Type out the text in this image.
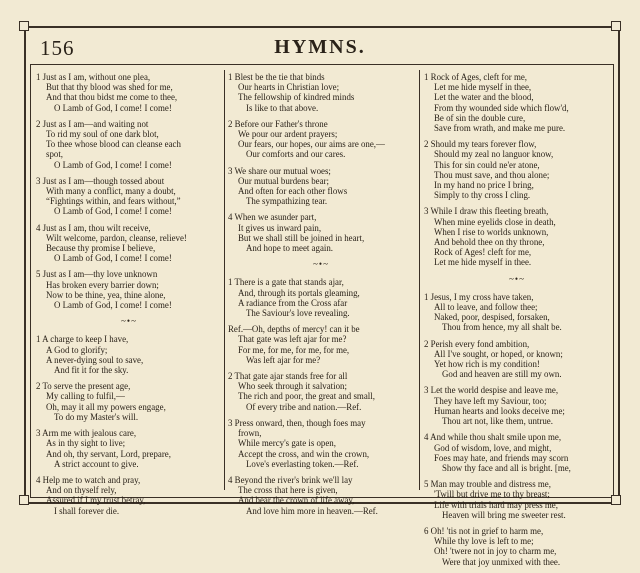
156	HYMNS.
1 Just as I am, without one plea,
But that thy blood was shed for me,
And that thou bidst me come to thee,
O Lamb of God, I come! I come!
2 Just as I am—and waiting not
To rid my soul of one dark blot,
To thee whose blood can cleanse each
spot,
O Lamb of God, I come! I come!
3 Just as I am—though tossed about
With many a conflict, many a doubt,
“Fightings within, and fears without,”
O Lamb of God, I come! I come!
4 Just as I am, thou wilt receive,
Wilt welcome, pardon, cleanse, relieve!
Because thy promise I believe,
O Lamb of God, I come! I come!
5 Just as I am—thy love unknown
Has broken every barrier down;
Now to be thine, yea, thine alone,
O Lamb of God, I come! I come!
~•~
1 A charge to keep I have,
A God to glorify;
A never-dying soul to save,
And fit it for the sky.
2 To serve the present age,
My calling to fulfil,—
Oh, may it all my powers engage,
To do my Master's will.
3 Arm me with jealous care,
As in thy sight to live;
And oh, thy servant, Lord, prepare,
A strict account to give.
4 Help me to watch and pray,
And on thyself rely,
Assured if I my trust betray,
I shall forever die.
1 Blest be the tie that binds
Our hearts in Christian love;
The fellowship of kindred minds
Is like to that above.
2 Before our Father's throne
We pour our ardent prayers;
Our fears, our hopes, our aims are one,—
Our comforts and our cares.
3 We share our mutual woes;
Our mutual burdens bear;
And often for each other flows
The sympathizing tear.
4 When we asunder part,
It gives us inward pain,
But we shall still be joined in heart,
And hope to meet again.
~•~
1 There is a gate that stands ajar,
And, through its portals gleaming,
A radiance from the Cross afar
The Saviour's love revealing.
Ref.—Oh, depths of mercy! can it be
That gate was left ajar for me?
For me, for me, for me, for me,
Was left ajar for me?
2 That gate ajar stands free for all
Who seek through it salvation;
The rich and poor, the great and small,
Of every tribe and nation.—Ref.
3 Press onward, then, though foes may
frown,
While mercy's gate is open,
Accept the cross, and win the crown,
Love's everlasting token.—Ref.
4 Beyond the river's brink we'll lay
The cross that here is given,
And bear the crown of life away,
And love him more in heaven.—Ref.
1 Rock of Ages, cleft for me,
Let me hide myself in thee,
Let the water and the blood,
From thy wounded side which flow'd,
Be of sin the double cure,
Save from wrath, and make me pure.
2 Should my tears forever flow,
Should my zeal no languor know,
This for sin could ne'er atone,
Thou must save, and thou alone;
In my hand no price I bring,
Simply to thy cross I cling.
3 While I draw this fleeting breath,
When mine eyelids close in death,
When I rise to worlds unknown,
And behold thee on thy throne,
Rock of Ages! cleft for me,
Let me hide myself in thee.
~•~
1 Jesus, I my cross have taken,
All to leave, and follow thee;
Naked, poor, despised, forsaken,
Thou from hence, my all shalt be.
2 Perish every fond ambition,
All I've sought, or hoped, or known;
Yet how rich is my condition!
God and heaven are still my own.
3 Let the world despise and leave me,
They have left my Saviour, too;
Human hearts and looks deceive me;
Thou art not, like them, untrue.
4 And while thou shalt smile upon me,
God of wisdom, love, and might,
Foes may hate, and friends may scorn
Show thy face and all is bright. [me,
5 Man may trouble and distress me,
'Twill but drive me to thy breast;
Life with trials hard may press me,
Heaven will bring me sweeter rest.
6 Oh! 'tis not in grief to harm me,
While thy love is left to me;
Oh! 'twere not in joy to charm me,
Were that joy unmixed with thee.
